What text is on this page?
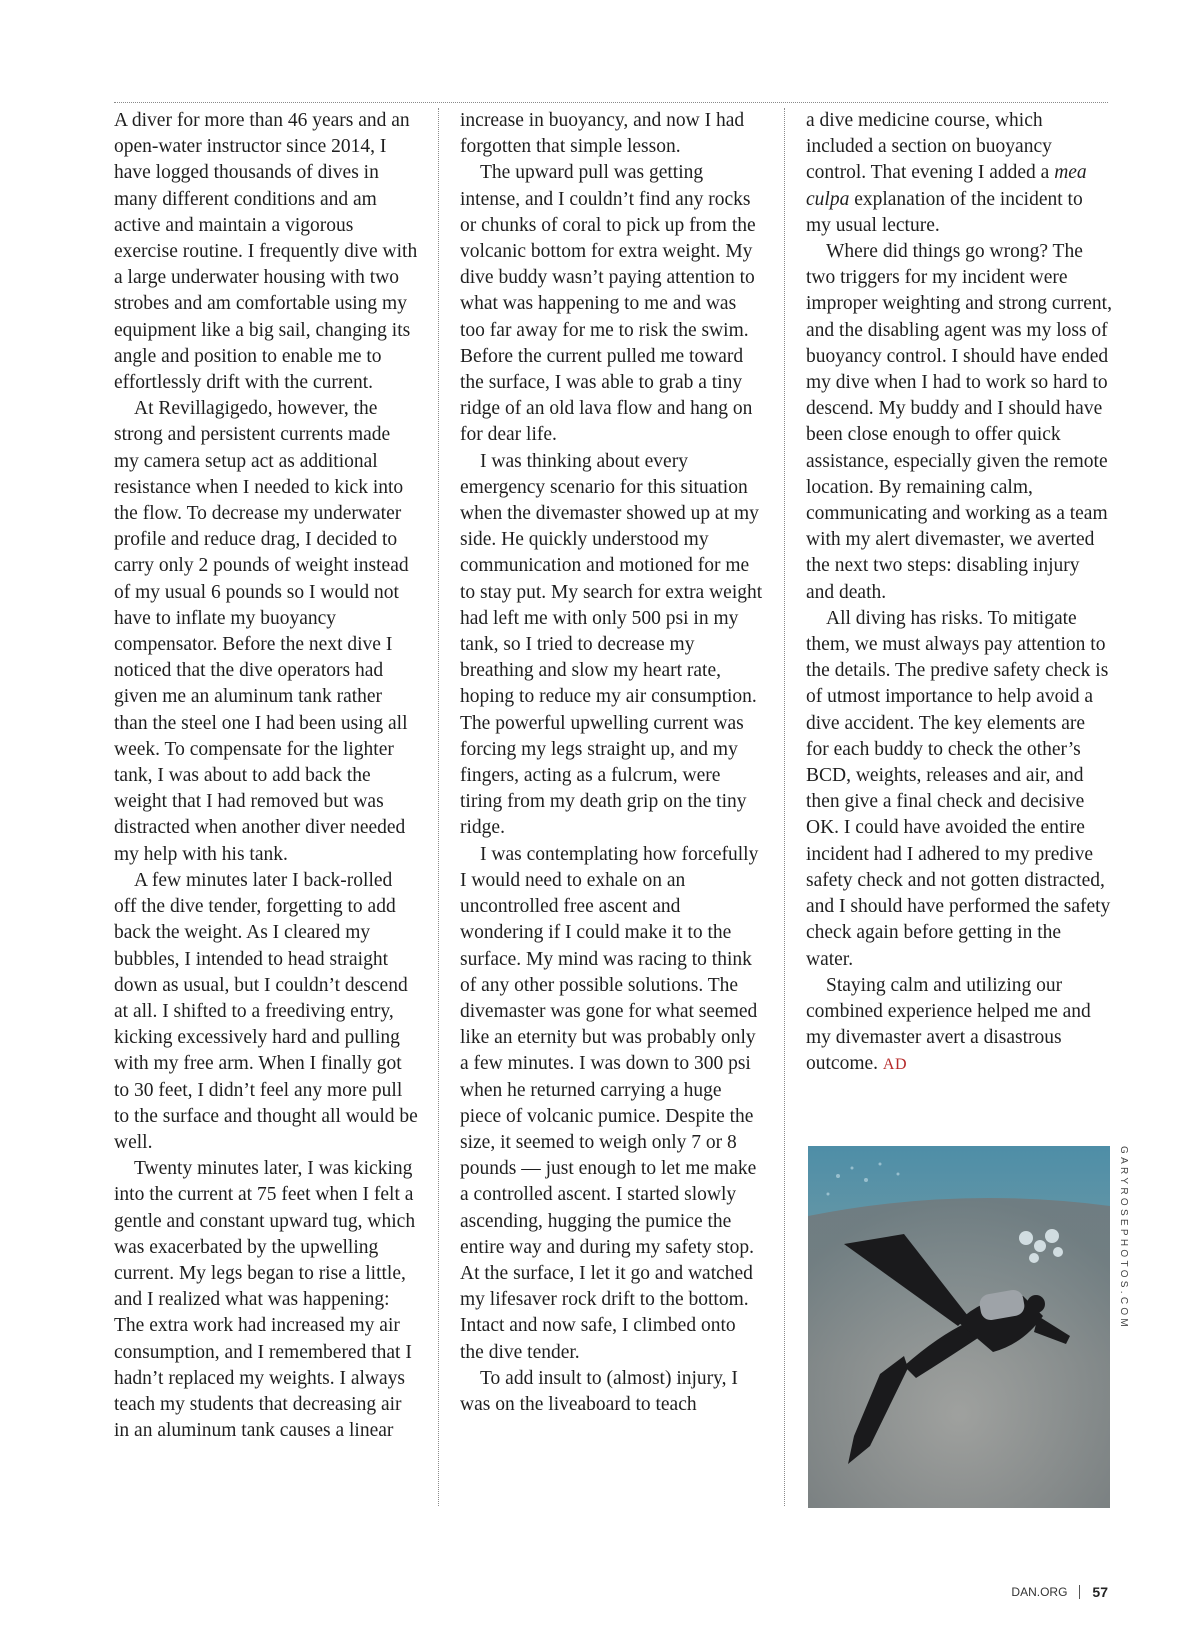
A diver for more than 46 years and an open-water instructor since 2014, I have logged thousands of dives in many different conditions and am active and maintain a vigorous exercise routine. I frequently dive with a large underwater housing with two strobes and am comfortable using my equipment like a big sail, changing its angle and position to enable me to effortlessly drift with the current.

At Revillagigedo, however, the strong and persistent currents made my camera setup act as additional resistance when I needed to kick into the flow. To decrease my underwater profile and reduce drag, I decided to carry only 2 pounds of weight instead of my usual 6 pounds so I would not have to inflate my buoyancy compensator. Before the next dive I noticed that the dive operators had given me an aluminum tank rather than the steel one I had been using all week. To compensate for the lighter tank, I was about to add back the weight that I had removed but was distracted when another diver needed my help with his tank.

A few minutes later I back-rolled off the dive tender, forgetting to add back the weight. As I cleared my bubbles, I intended to head straight down as usual, but I couldn’t descend at all. I shifted to a freediving entry, kicking excessively hard and pulling with my free arm. When I finally got to 30 feet, I didn’t feel any more pull to the surface and thought all would be well.

Twenty minutes later, I was kicking into the current at 75 feet when I felt a gentle and constant upward tug, which was exacerbated by the upwelling current. My legs began to rise a little, and I realized what was happening: The extra work had increased my air consumption, and I remembered that I hadn’t replaced my weights. I always teach my students that decreasing air in an aluminum tank causes a linear

increase in buoyancy, and now I had forgotten that simple lesson.

The upward pull was getting intense, and I couldn’t find any rocks or chunks of coral to pick up from the volcanic bottom for extra weight. My dive buddy wasn’t paying attention to what was happening to me and was too far away for me to risk the swim. Before the current pulled me toward the surface, I was able to grab a tiny ridge of an old lava flow and hang on for dear life.

I was thinking about every emergency scenario for this situation when the divemaster showed up at my side. He quickly understood my communication and motioned for me to stay put. My search for extra weight had left me with only 500 psi in my tank, so I tried to decrease my breathing and slow my heart rate, hoping to reduce my air consumption. The powerful upwelling current was forcing my legs straight up, and my fingers, acting as a fulcrum, were tiring from my death grip on the tiny ridge.

I was contemplating how forcefully I would need to exhale on an uncontrolled free ascent and wondering if I could make it to the surface. My mind was racing to think of any other possible solutions. The divemaster was gone for what seemed like an eternity but was probably only a few minutes. I was down to 300 psi when he returned carrying a huge piece of volcanic pumice. Despite the size, it seemed to weigh only 7 or 8 pounds — just enough to let me make a controlled ascent. I started slowly ascending, hugging the pumice the entire way and during my safety stop. At the surface, I let it go and watched my lifesaver rock drift to the bottom. Intact and now safe, I climbed onto the dive tender.

To add insult to (almost) injury, I was on the liveaboard to teach

a dive medicine course, which included a section on buoyancy control. That evening I added a mea culpa explanation of the incident to my usual lecture.

Where did things go wrong? The two triggers for my incident were improper weighting and strong current, and the disabling agent was my loss of buoyancy control. I should have ended my dive when I had to work so hard to descend. My buddy and I should have been close enough to offer quick assistance, especially given the remote location. By remaining calm, communicating and working as a team with my alert divemaster, we averted the next two steps: disabling injury and death.

All diving has risks. To mitigate them, we must always pay attention to the details. The predive safety check is of utmost importance to help avoid a dive accident. The key elements are for each buddy to check the other’s BCD, weights, releases and air, and then give a final check and decisive OK. I could have avoided the entire incident had I adhered to my predive safety check and not gotten distracted, and I should have performed the safety check again before getting in the water.

Staying calm and utilizing our combined experience helped me and my divemaster avert a disastrous outcome. AD

GARYROSEPHOTOS.COM
DAN.ORG 57
